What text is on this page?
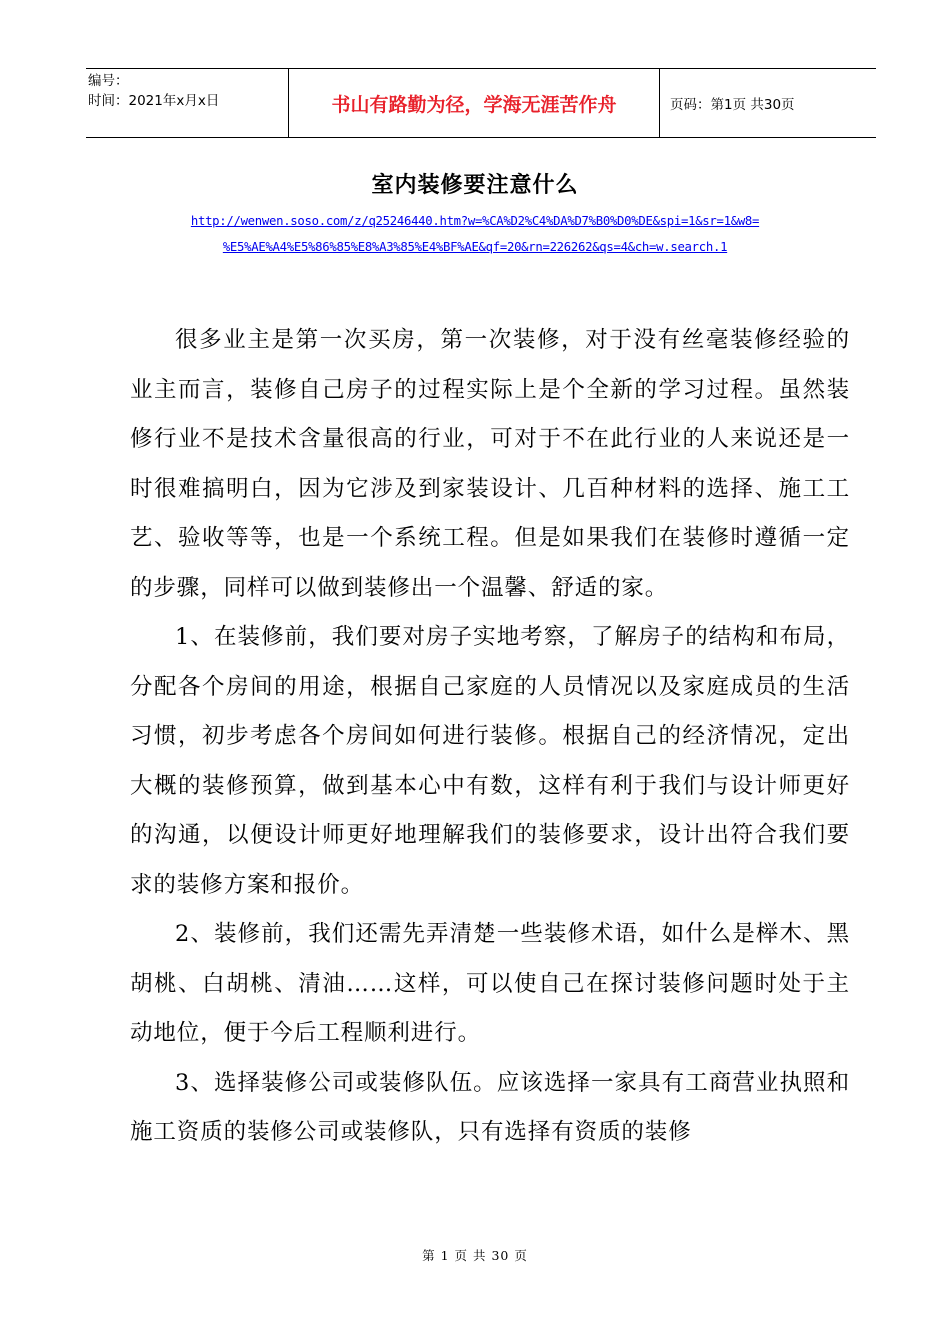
编号：
时间：2021年x月x日	书山有路勤为径，学海无涯苦作舟	页码：第1页 共30页
室内装修要注意什么
http://wenwen.soso.com/z/q25246440.htm?w=%CA%D2%C4%DA%D7%B0%D0%DE&spi=1&sr=1&w8=
%E5%AE%A4%E5%86%85%E8%A3%85%E4%BF%AE&qf=20&rn=226262&qs=4&ch=w.search.1

很多业主是第一次买房，第一次装修，对于没有丝毫装修经验的业主而言，装修自己房子的过程实际上是个全新的学习过程。虽然装修行业不是技术含量很高的行业，可对于不在此行业的人来说还是一时很难搞明白，因为它涉及到家装设计、几百种材料的选择、施工工艺、验收等等，也是一个系统工程。但是如果我们在装修时遵循一定的步骤，同样可以做到装修出一个温馨、舒适的家。

1、在装修前，我们要对房子实地考察，了解房子的结构和布局，分配各个房间的用途，根据自己家庭的人员情况以及家庭成员的生活习惯，初步考虑各个房间如何进行装修。根据自己的经济情况，定出大概的装修预算，做到基本心中有数，这样有利于我们与设计师更好的沟通，以便设计师更好地理解我们的装修要求，设计出符合我们要求的装修方案和报价。

2、装修前，我们还需先弄清楚一些装修术语，如什么是榉木、黑胡桃、白胡桃、清油……这样，可以使自己在探讨装修问题时处于主动地位，便于今后工程顺利进行。

3、选择装修公司或装修队伍。应该选择一家具有工商营业执照和施工资质的装修公司或装修队，只有选择有资质的装修

第 1 页 共 30 页
